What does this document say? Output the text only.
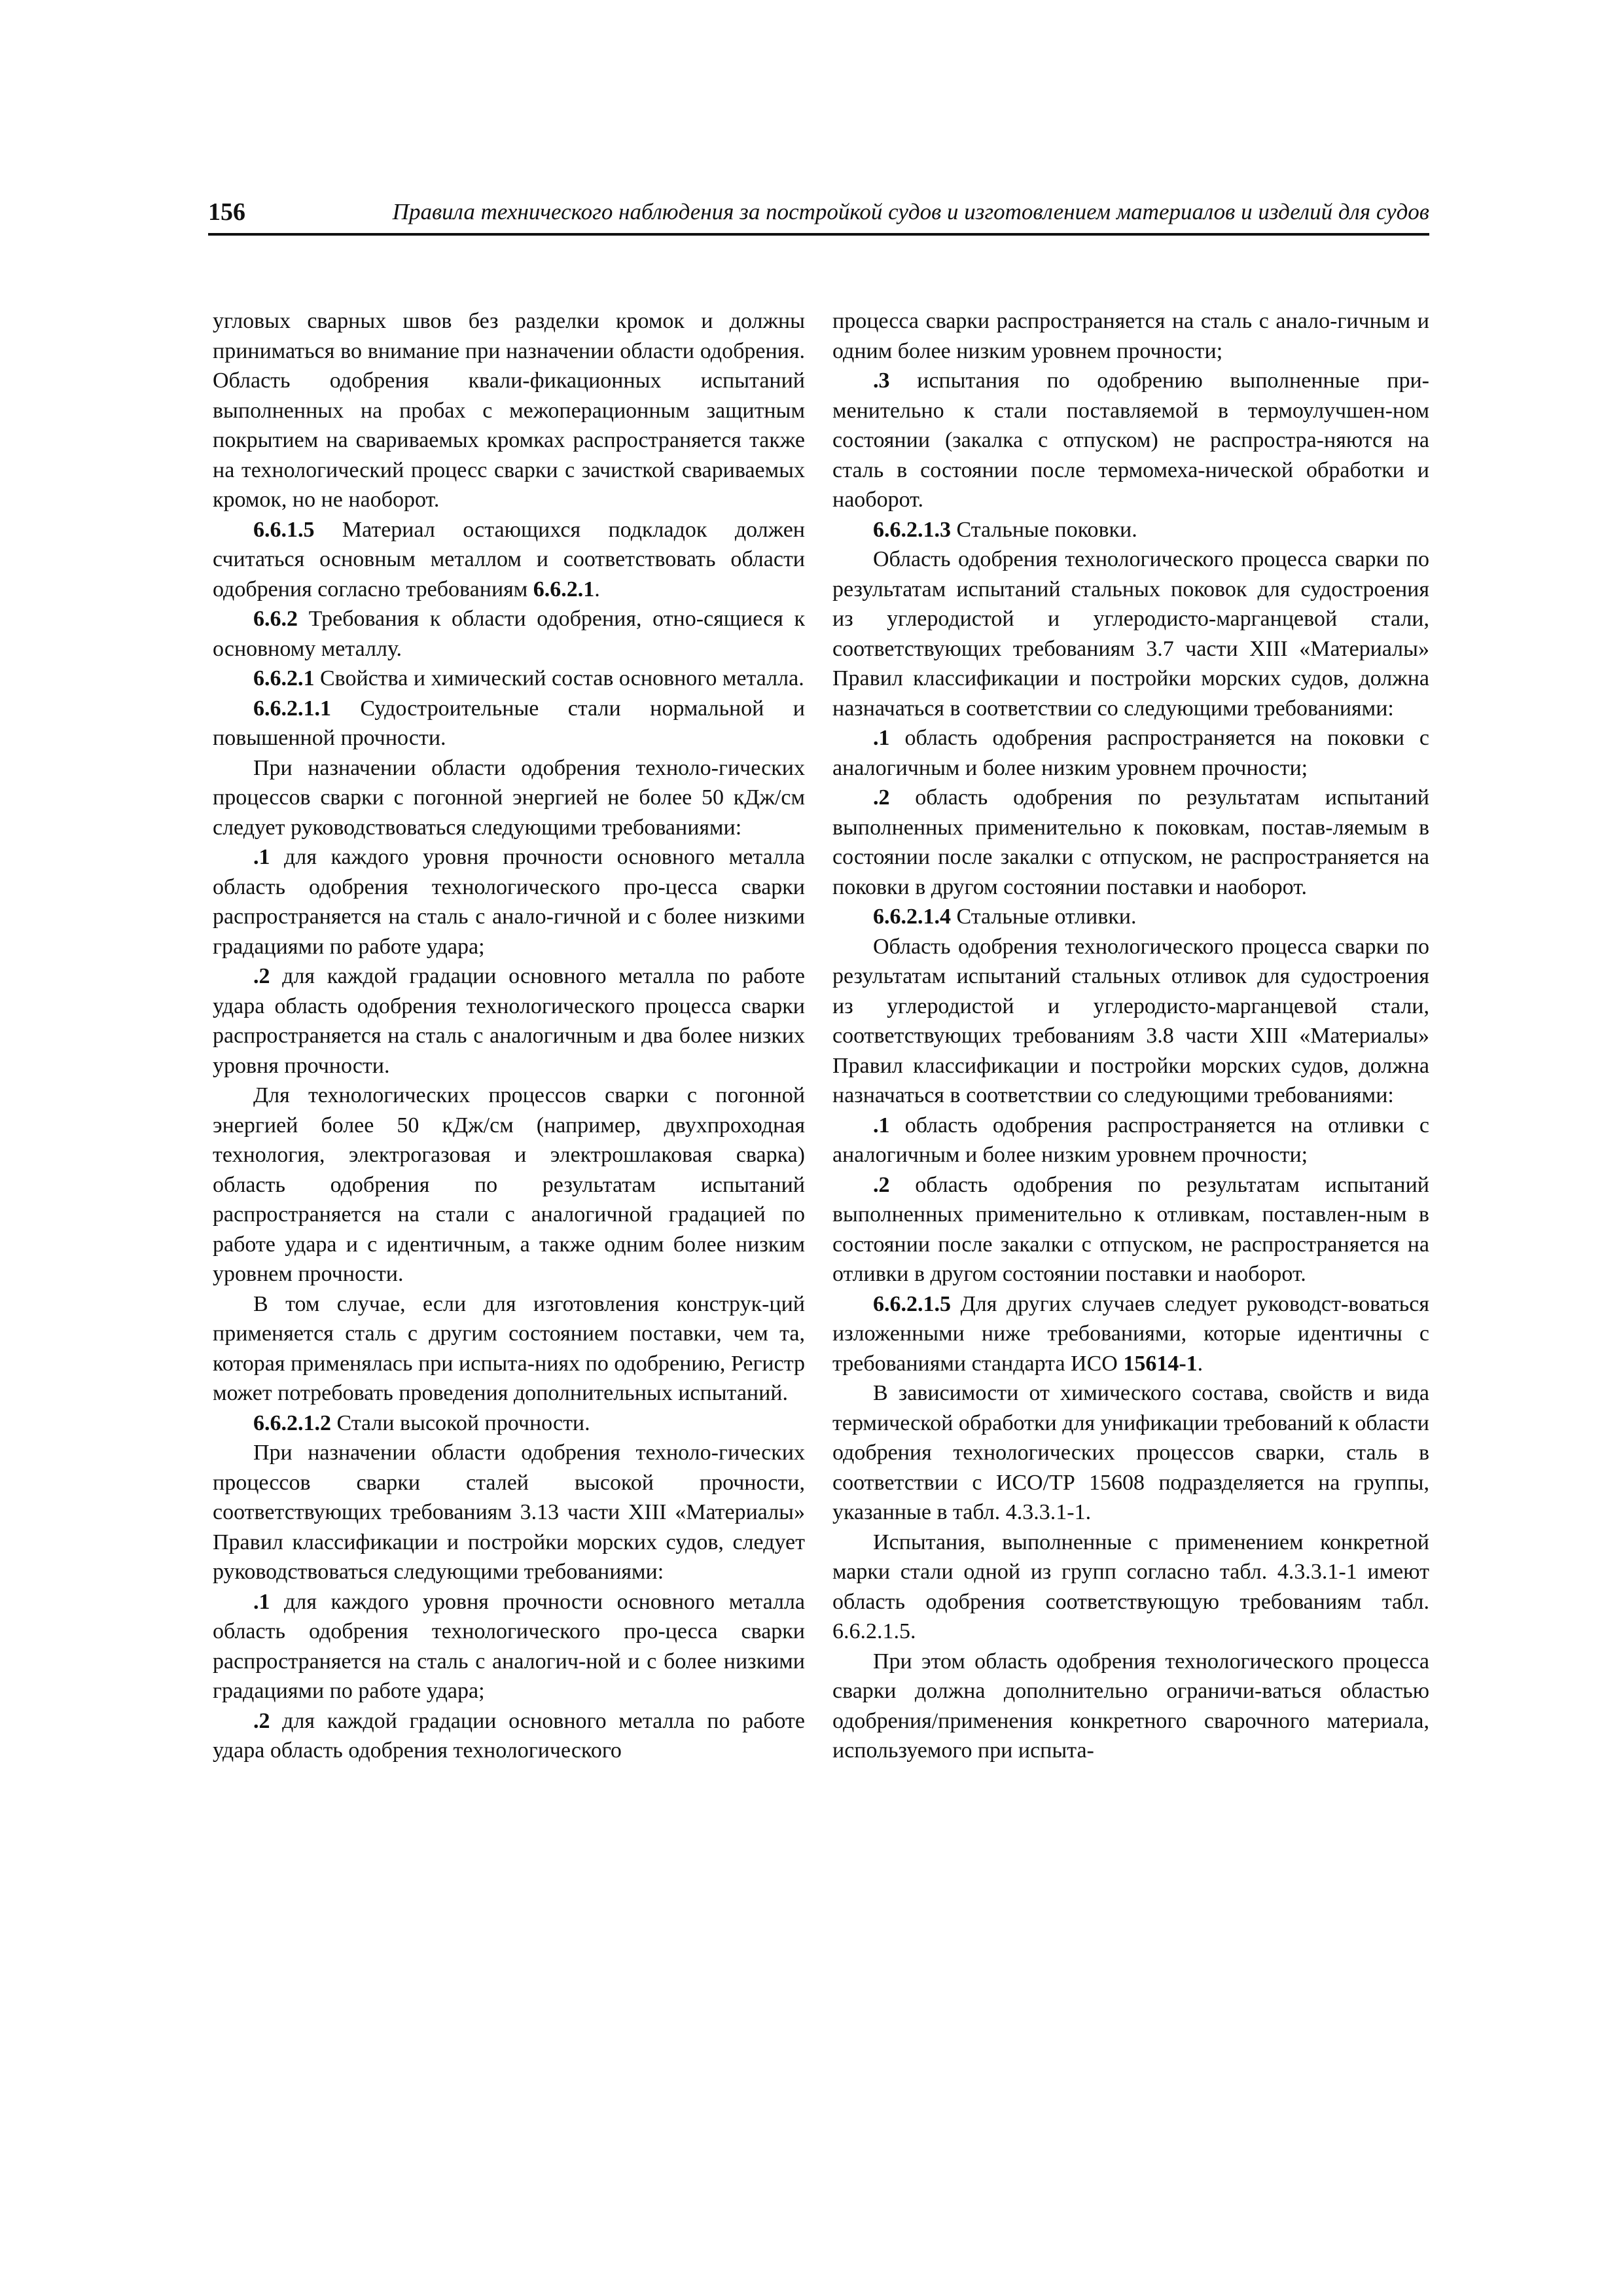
156	Правила технического наблюдения за постройкой судов и изготовлением материалов и изделий для судов

угловых сварных швов без разделки кромок и должны приниматься во внимание при назначении области одобрения. Область одобрения квали-фикационных испытаний выполненных на пробах с межоперационным защитным покрытием на свариваемых кромках распространяется также на технологический процесс сварки с зачисткой свариваемых кромок, но не наоборот.

6.6.1.5 Материал остающихся подкладок должен считаться основным металлом и соответствовать области одобрения согласно требованиям 6.6.2.1.

6.6.2 Требования к области одобрения, отно-сящиеся к основному металлу.

6.6.2.1 Свойства и химический состав основного металла.

6.6.2.1.1 Судостроительные стали нормальной и повышенной прочности.

При назначении области одобрения техноло-гических процессов сварки с погонной энергией не более 50 кДж/см следует руководствоваться следующими требованиями:

.1 для каждого уровня прочности основного металла область одобрения технологического про-цесса сварки распространяется на сталь с анало-гичной и с более низкими градациями по работе удара;

.2 для каждой градации основного металла по работе удара область одобрения технологического процесса сварки распространяется на сталь с аналогичным и два более низких уровня прочности.

Для технологических процессов сварки с погонной энергией более 50 кДж/см (например, двухпроходная технология, электрогазовая и электрошлаковая сварка) область одобрения по результатам испытаний распространяется на стали с аналогичной градацией по работе удара и с идентичным, а также одним более низким уровнем прочности.

В том случае, если для изготовления конструк-ций применяется сталь с другим состоянием поставки, чем та, которая применялась при испыта-ниях по одобрению, Регистр может потребовать проведения дополнительных испытаний.

6.6.2.1.2 Стали высокой прочности.

При назначении области одобрения техноло-гических процессов сварки сталей высокой прочности, соответствующих требованиям 3.13 части XIII «Материалы» Правил классификации и постройки морских судов, следует руководствоваться следующими требованиями:

.1 для каждого уровня прочности основного металла область одобрения технологического про-цесса сварки распространяется на сталь с аналогич-ной и с более низкими градациями по работе удара;

.2 для каждой градации основного металла по работе удара область одобрения технологического

процесса сварки распространяется на сталь с анало-гичным и одним более низким уровнем прочности;

.3 испытания по одобрению выполненные при-менительно к стали поставляемой в термоулучшен-ном состоянии (закалка с отпуском) не распростра-няются на сталь в состоянии после термомеха-нической обработки и наоборот.

6.6.2.1.3 Стальные поковки.

Область одобрения технологического процесса сварки по результатам испытаний стальных поковок для судостроения из углеродистой и углеродисто-марганцевой стали, соответствующих требованиям 3.7 части XIII «Материалы» Правил классификации и постройки морских судов, должна назначаться в соответствии со следующими требованиями:

.1 область одобрения распространяется на поковки с аналогичным и более низким уровнем прочности;

.2 область одобрения по результатам испытаний выполненных применительно к поковкам, постав-ляемым в состоянии после закалки с отпуском, не распространяется на поковки в другом состоянии поставки и наоборот.

6.6.2.1.4 Стальные отливки.

Область одобрения технологического процесса сварки по результатам испытаний стальных отливок для судостроения из углеродистой и углеродисто-марганцевой стали, соответствующих требованиям 3.8 части XIII «Материалы» Правил классификации и постройки морских судов, должна назначаться в соответствии со следующими требованиями:

.1 область одобрения распространяется на отливки с аналогичным и более низким уровнем прочности;

.2 область одобрения по результатам испытаний выполненных применительно к отливкам, поставлен-ным в состоянии после закалки с отпуском, не распространяется на отливки в другом состоянии поставки и наоборот.

6.6.2.1.5 Для других случаев следует руководст-воваться изложенными ниже требованиями, которые идентичны с требованиями стандарта ИСО 15614-1.

В зависимости от химического состава, свойств и вида термической обработки для унификации требований к области одобрения технологических процессов сварки, сталь в соответствии с ИСО/ТР 15608 подразделяется на группы, указанные в табл. 4.3.3.1-1.

Испытания, выполненные с применением конкретной марки стали одной из групп согласно табл. 4.3.3.1-1 имеют область одобрения соответствующую требованиям табл. 6.6.2.1.5.

При этом область одобрения технологического процесса сварки должна дополнительно ограничи-ваться областью одобрения/применения конкретного сварочного материала, используемого при испыта-
